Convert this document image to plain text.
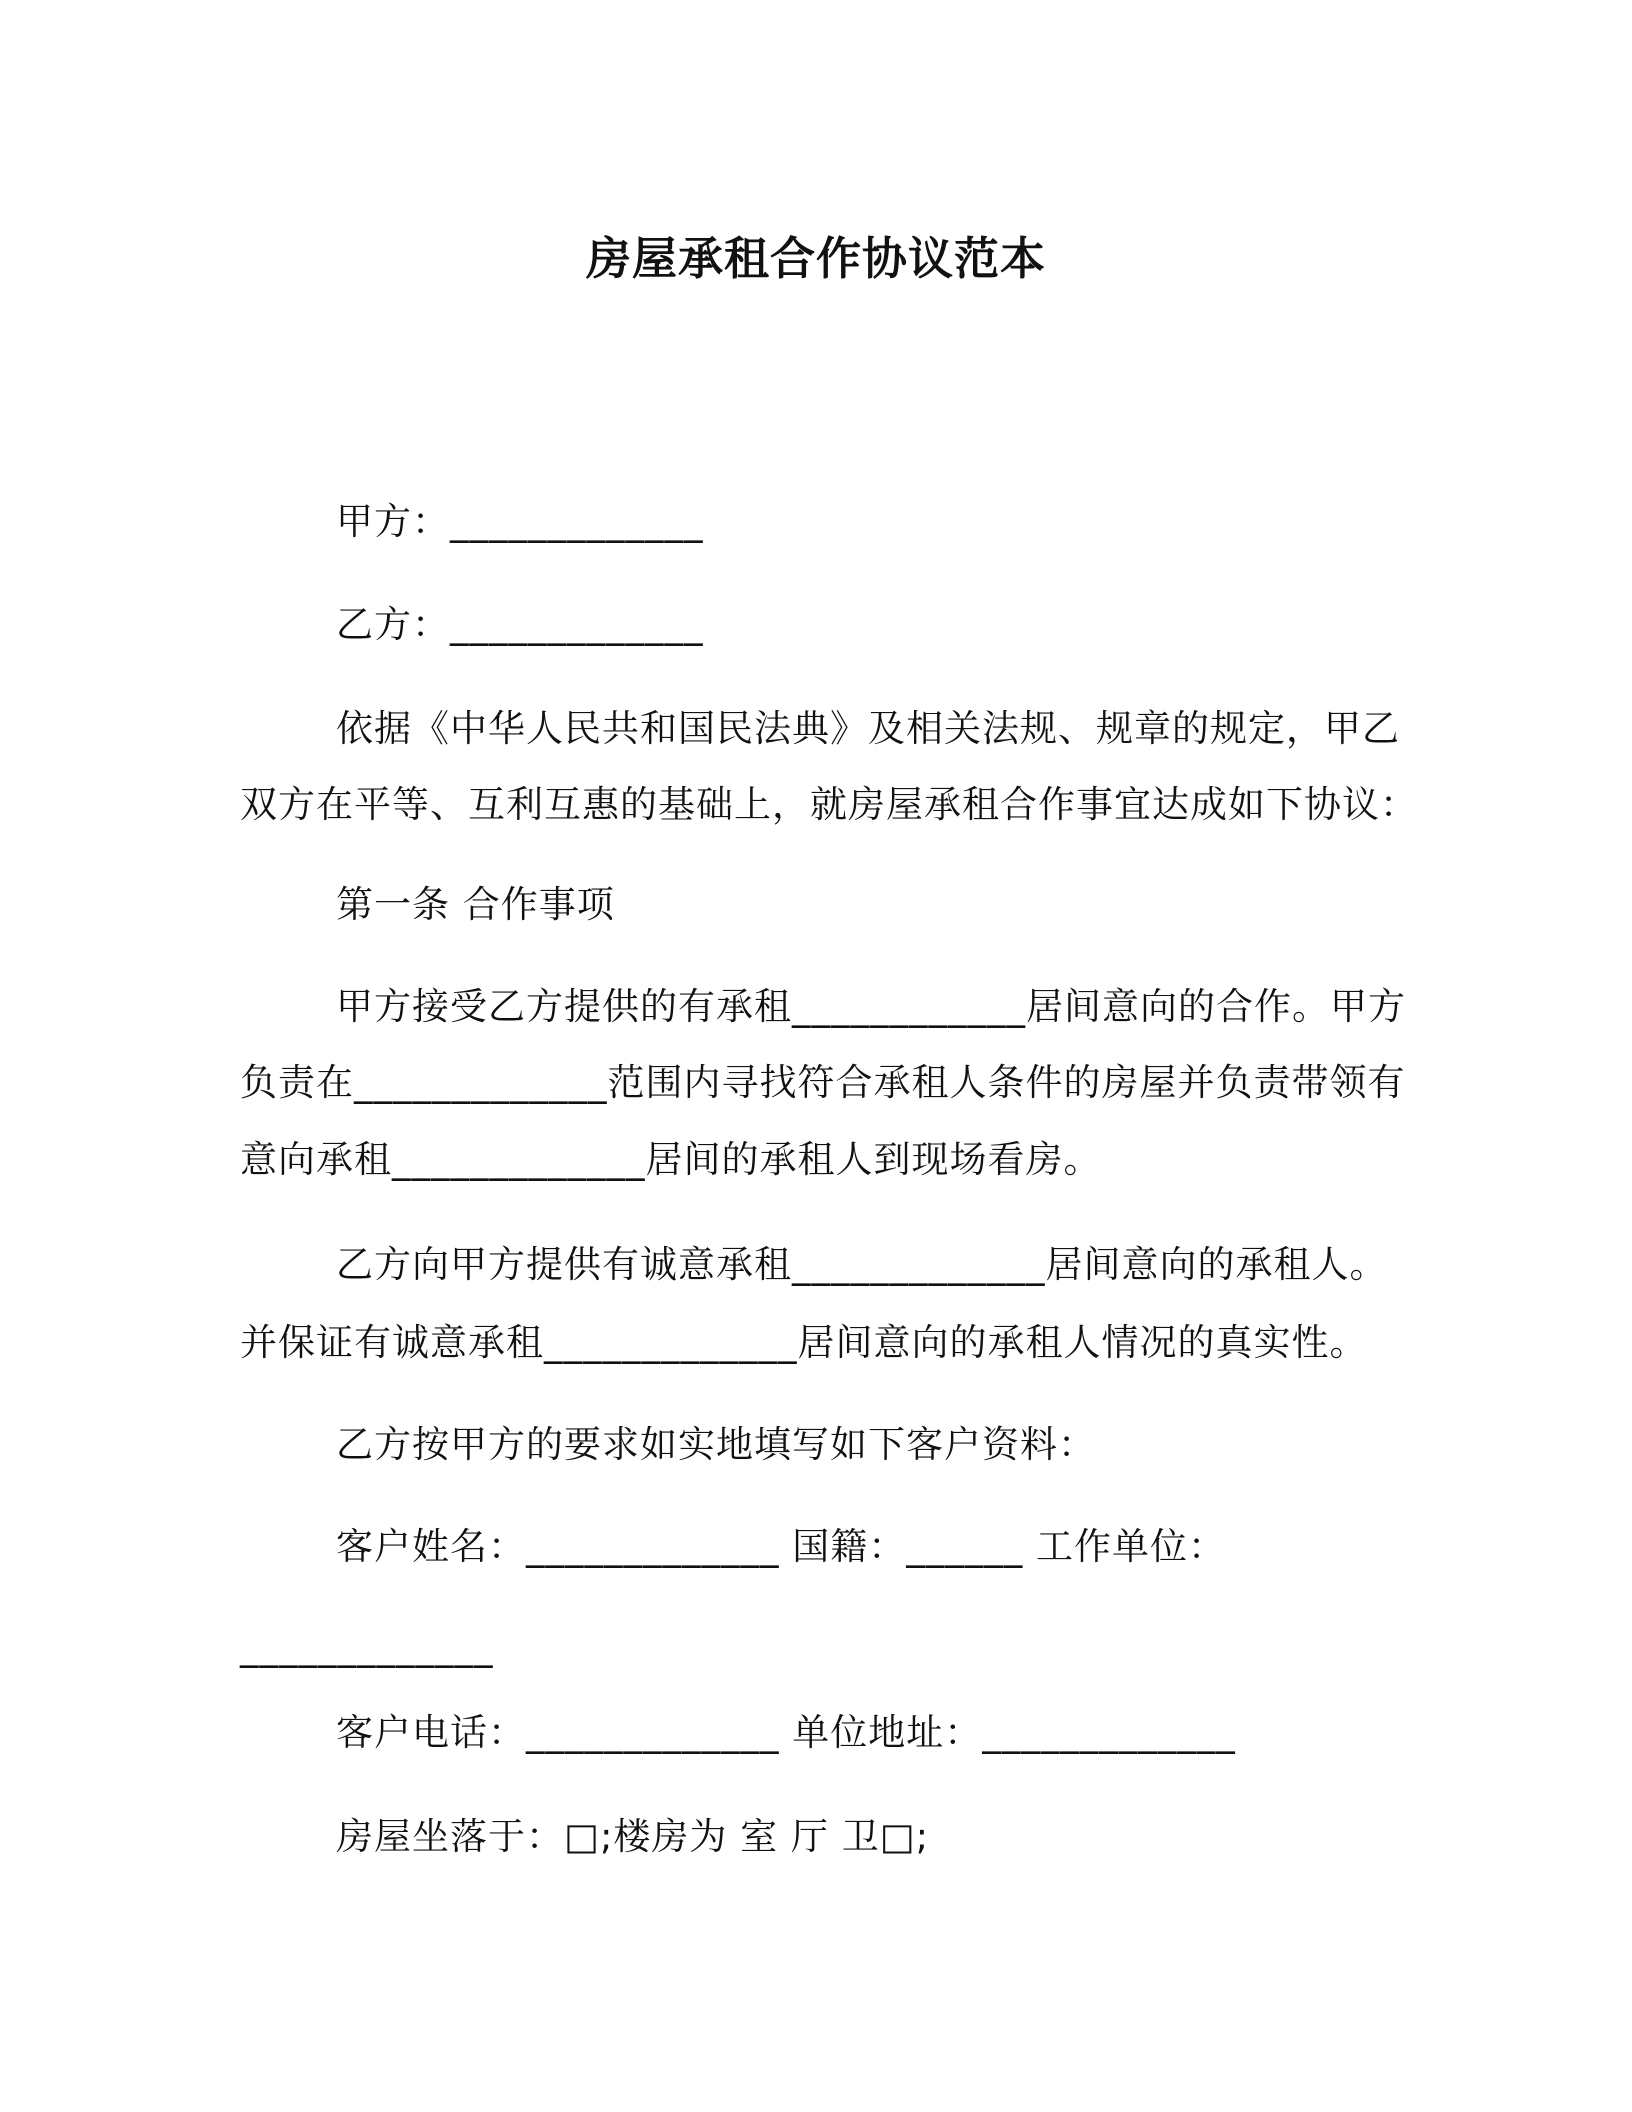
房屋承租合作协议范本
甲方：_____________
乙方：_____________
依据《中华人民共和国民法典》及相关法规、规章的规定，甲乙
双方在平等、互利互惠的基础上，就房屋承租合作事宜达成如下协议：
第一条 合作事项
甲方接受乙方提供的有承租____________居间意向的合作。甲方
负责在_____________范围内寻找符合承租人条件的房屋并负责带领有
意向承租_____________居间的承租人到现场看房。
乙方向甲方提供有诚意承租_____________居间意向的承租人。
并保证有诚意承租_____________居间意向的承租人情况的真实性。
乙方按甲方的要求如实地填写如下客户资料：
客户姓名：_____________ 国籍：______ 工作单位：
_____________
客户电话：_____________ 单位地址：_____________
房屋坐落于：□;楼房为 室 厅 卫□;
